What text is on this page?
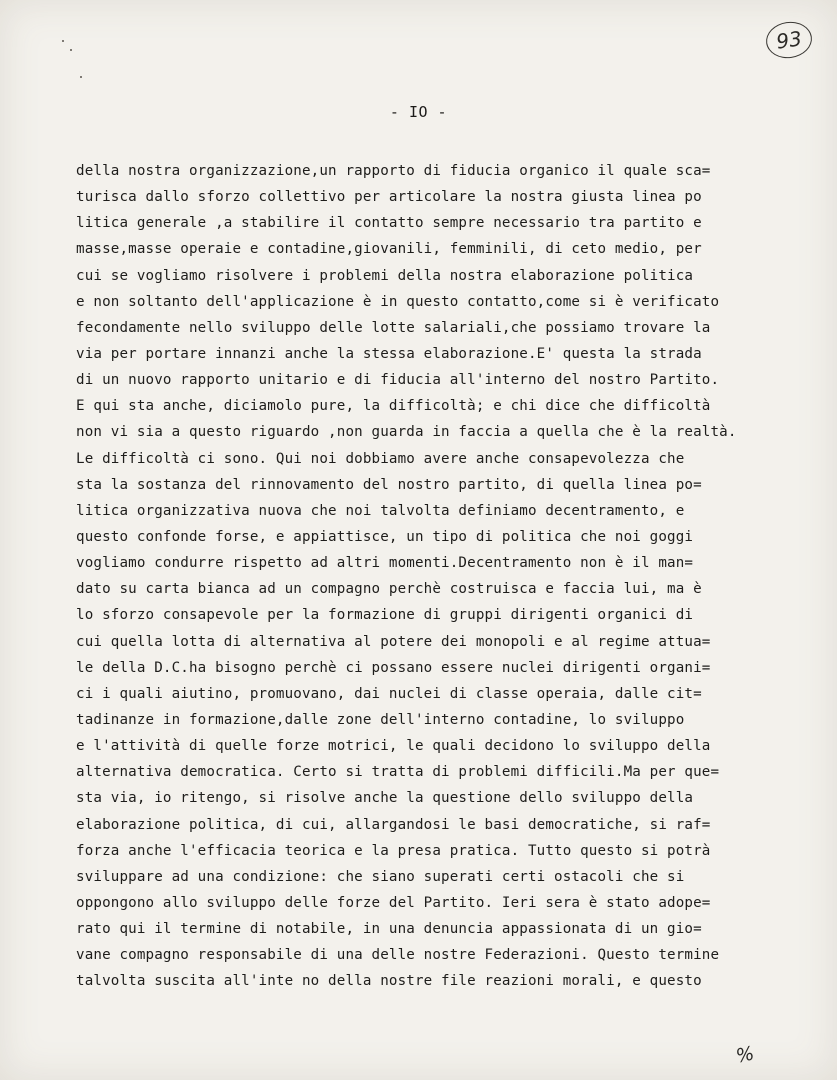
93
- IO -
della nostra organizzazione,un rapporto di fiducia organico il quale sca=
turisca dallo sforzo collettivo per articolare la nostra giusta linea po
litica generale ,a stabilire il contatto sempre necessario tra partito e
masse,masse operaie e contadine,giovanili, femminili, di ceto medio, per
cui se vogliamo risolvere i problemi della nostra elaborazione politica
e non soltanto dell'applicazione è in questo contatto,come si è verificato
fecondamente nello sviluppo delle lotte salariali,che possiamo trovare la
via per portare innanzi anche la stessa elaborazione.E' questa la strada
di un nuovo rapporto unitario e di fiducia all'interno del nostro Partito.
E qui sta anche, diciamolo pure, la difficoltà; e chi dice che difficoltà
non vi sia a questo riguardo ,non guarda in faccia a quella che è la realtà.
Le difficoltà ci sono. Qui noi dobbiamo avere anche consapevolezza che
sta la sostanza del rinnovamento del nostro partito, di quella linea po=
litica organizzativa nuova che noi talvolta definiamo decentramento, e
questo confonde forse, e appiattisce, un tipo di politica che noi goggi
vogliamo condurre rispetto ad altri momenti.Decentramento non è il man=
dato su carta bianca ad un compagno perchè costruisca e faccia lui, ma è
lo sforzo consapevole per la formazione di gruppi dirigenti organici di
cui quella lotta di alternativa al potere dei monopoli e al regime attua=
le della D.C.ha bisogno perchè ci possano essere nuclei dirigenti organi=
ci i quali aiutino, promuovano, dai nuclei di classe operaia, dalle cit=
tadinanze in formazione,dalle zone dell'interno contadine, lo sviluppo
e l'attività di quelle forze motrici, le quali decidono lo sviluppo della
alternativa democratica. Certo si tratta di problemi difficili.Ma per que=
sta via, io ritengo, si risolve anche la questione dello sviluppo della
elaborazione politica, di cui, allargandosi le basi democratiche, si raf=
forza anche l'efficacia teorica e la presa pratica. Tutto questo si potrà
sviluppare ad una condizione: che siano superati certi ostacoli che si
oppongono allo sviluppo delle forze del Partito. Ieri sera è stato adope=
rato qui il termine di notabile, in una denuncia appassionata di un gio=
vane compagno responsabile di una delle nostre Federazioni. Questo termine
talvolta suscita all'inte no della nostre file reazioni morali, e questo
%
